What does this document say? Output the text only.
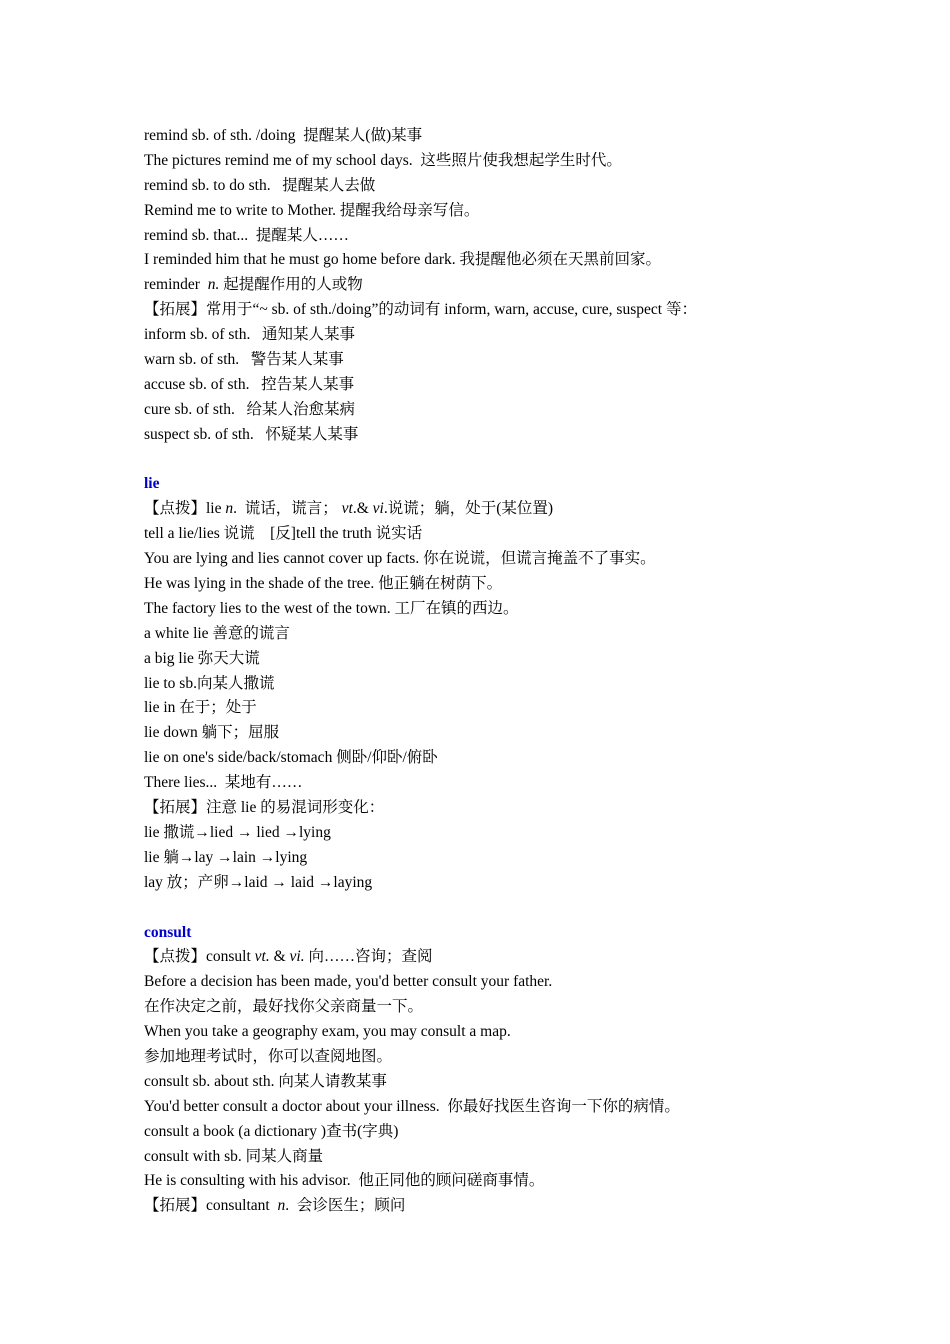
remind sb. of sth. /doing  提醒某人(做)某事
The pictures remind me of my school days.  这些照片使我想起学生时代。
remind sb. to do sth.   提醒某人去做
Remind me to write to Mother. 提醒我给母亲写信。
remind sb. that...  提醒某人……
I reminded him that he must go home before dark. 我提醒他必须在天黑前回家。
reminder  n. 起提醒作用的人或物
【拓展】常用于“~ sb. of sth./doing”的动词有 inform, warn, accuse, cure, suspect 等：
inform sb. of sth.   通知某人某事
warn sb. of sth.   警告某人某事
accuse sb. of sth.   控告某人某事
cure sb. of sth.   给某人治愈某病
suspect sb. of sth.   怀疑某人某事
lie
【点拨】lie n.  谎话，谎言； vt.& vi.说谎；躺，处于(某位置)
tell a lie/lies 说谎    [反]tell the truth 说实话
You are lying and lies cannot cover up facts. 你在说谎，但谎言掩盖不了事实。
He was lying in the shade of the tree. 他正躺在树荫下。
The factory lies to the west of the town. 工厂在镇的西边。
a white lie 善意的谎言
a big lie 弥天大谎
lie to sb.向某人撒谎
lie in 在于；处于
lie down 躺下；屈服
lie on one's side/back/stomach 侧卧/仰卧/俯卧
There lies...  某地有……
【拓展】注意 lie 的易混词形变化：
lie 撒谎→lied → lied →lying
lie 躺→lay →lain →lying
lay 放；产卵→laid → laid →laying
consult
【点拨】consult vt. & vi. 向……咨询；查阅
Before a decision has been made, you'd better consult your father.
在作决定之前，最好找你父亲商量一下。
When you take a geography exam, you may consult a map.
参加地理考试时，你可以查阅地图。
consult sb. about sth. 向某人请教某事
You'd better consult a doctor about your illness.  你最好找医生咨询一下你的病情。
consult a book (a dictionary )查书(字典)
consult with sb. 同某人商量
He is consulting with his advisor.  他正同他的顾问磋商事情。
【拓展】consultant  n.  会诊医生；顾问
